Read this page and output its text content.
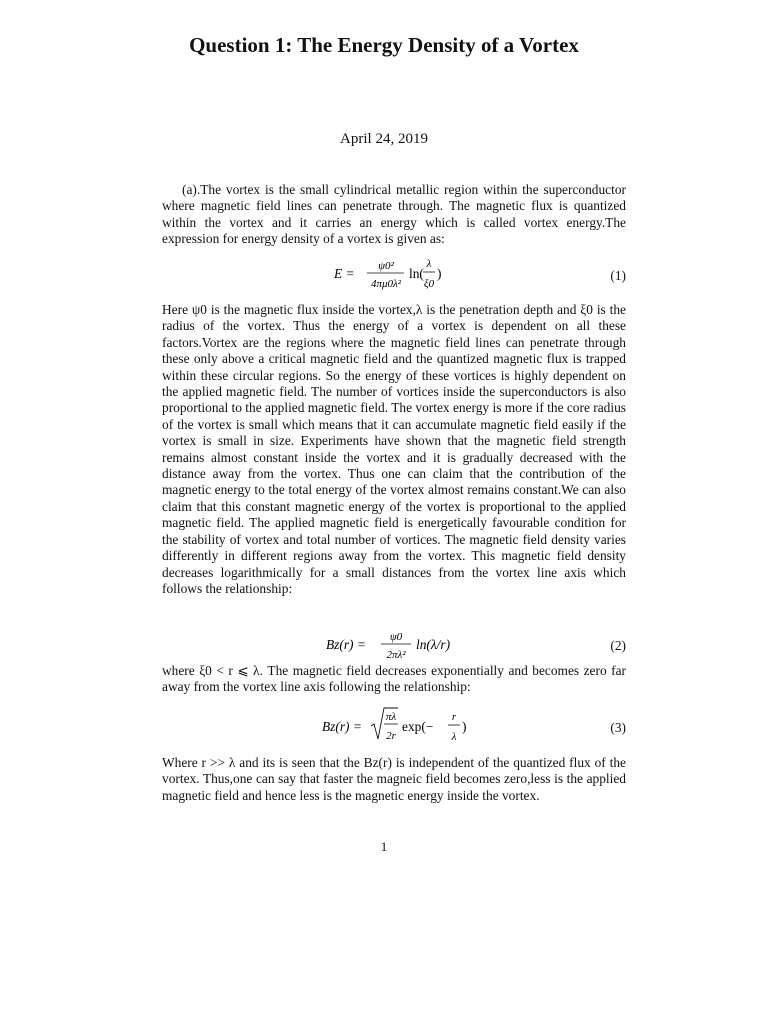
Question 1: The Energy Density of a Vortex
April 24, 2019
(a).The vortex is the small cylindrical metallic region within the superconductor where magnetic field lines can penetrate through. The magnetic flux is quantized within the vortex and it carries an energy which is called vortex energy.The expression for energy density of a vortex is given as:
E = ψ0²
4πμ0λ²
ln(
λ
ξ0
)	(1)
Here ψ0 is the magnetic flux inside the vortex,λ is the penetration depth and ξ0 is the radius of the vortex. Thus the energy of a vortex is dependent on all these factors.Vortex are the regions where the magnetic field lines can penetrate through these only above a critical magnetic field and the quantized magnetic flux is trapped within these circular regions. So the energy of these vortices is highly dependent on the applied magnetic field. The number of vortices inside the superconductors is also proportional to the applied magnetic field. The vortex energy is more if the core radius of the vortex is small which means that it can accumulate magnetic field easily if the vortex is small in size. Experiments have shown that the magnetic field strength remains almost constant inside the vortex and it is gradually decreased with the distance away from the vortex. Thus one can claim that the contribution of the magnetic energy to the total energy of the vortex almost remains constant.We can also claim that this constant magnetic energy of the vortex is proportional to the applied magnetic field. The applied magnetic field is energetically favourable condition for the stability of vortex and total number of vortices. The magnetic field density varies differently in different regions away from the vortex. This magnetic field density decreases logarithmically for a small distances from the vortex line axis which follows the relationship:
Bz(r) = ψ0
2πλ²
ln(λ/r)	(2)
where ξ0 < r ⩽ λ. The magnetic field decreases exponentially and becomes zero far away from the vortex line axis following the relationship:
Bz(r) =
πλ
2r
exp(−
r
λ
)	(3)
Where r >> λ and its is seen that the Bz(r) is independent of the quantized flux of the vortex. Thus,one can say that faster the magneic field becomes zero,less is the applied magnetic field and hence less is the magnetic energy inside the vortex.
1
